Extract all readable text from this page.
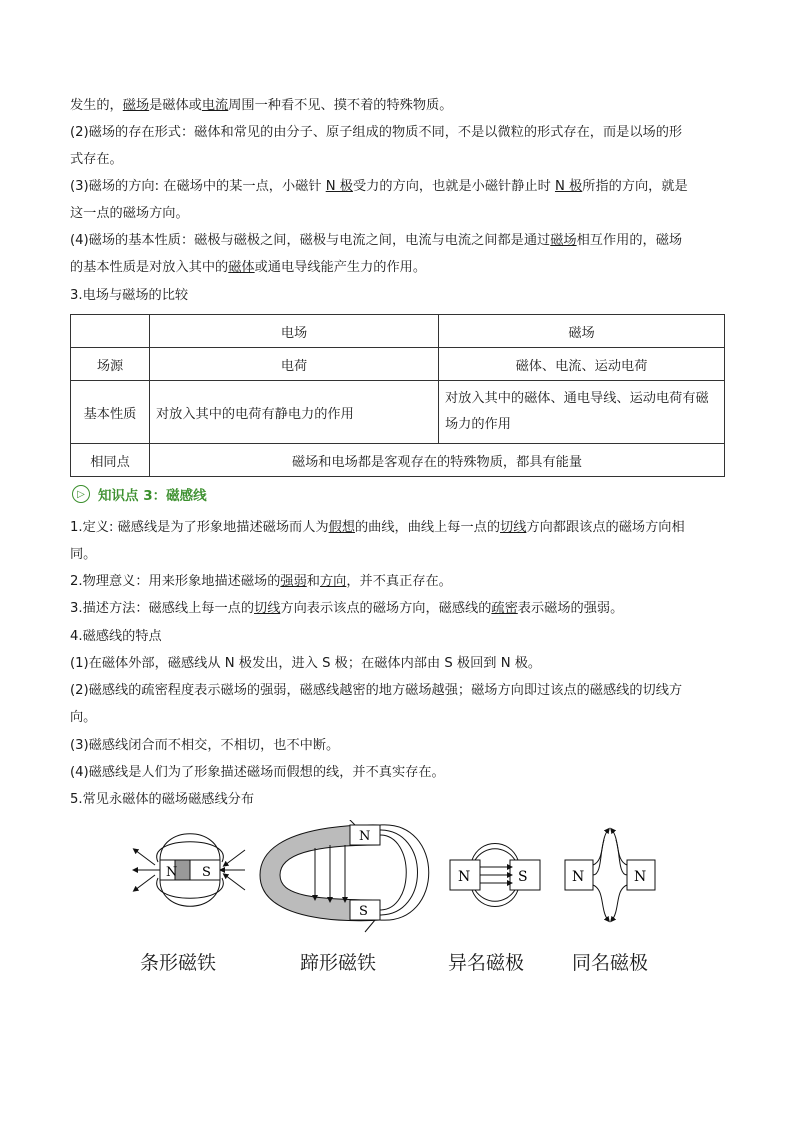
发生的，磁场是磁体或电流周围一种看不见、摸不着的特殊物质。
(2)磁场的存在形式：磁体和常见的由分子、原子组成的物质不同，不是以微粒的形式存在，而是以场的形
式存在。
(3)磁场的方向: 在磁场中的某一点，小磁针 N 极受力的方向，也就是小磁针静止时 N 极所指的方向，就是
这一点的磁场方向。
(4)磁场的基本性质：磁极与磁极之间，磁极与电流之间，电流与电流之间都是通过磁场相互作用的，磁场
的基本性质是对放入其中的磁体或通电导线能产生力的作用。
3.电场与磁场的比较
	电场	磁场
场源	电荷	磁体、电流、运动电荷
基本性质	对放入其中的电荷有静电力的作用	对放入其中的磁体、通电导线、运动电荷有磁
场力的作用

相同点	磁场和电场都是客观存在的特殊物质，都具有能量	
▷ 知识点 3：磁感线
1.定义: 磁感线是为了形象地描述磁场而人为假想的曲线，曲线上每一点的切线方向都跟该点的磁场方向相
同。
2.物理意义：用来形象地描述磁场的强弱和方向，并不真正存在。
3.描述方法：磁感线上每一点的切线方向表示该点的磁场方向，磁感线的疏密表示磁场的强弱。
4.磁感线的特点
(1)在磁体外部，磁感线从 N 极发出，进入 S 极；在磁体内部由 S 极回到 N 极。
(2)磁感线的疏密程度表示磁场的强弱，磁感线越密的地方磁场越强；磁场方向即过该点的磁感线的切线方
向。
(3)磁感线闭合而不相交，不相切，也不中断。
(4)磁感线是人们为了形象描述磁场而假想的线，并不真实存在。
5.常见永磁体的磁场磁感线分布
N S
N
S
N	S	N	N
条形磁铁	蹄形磁铁	异名磁极	同名磁极
